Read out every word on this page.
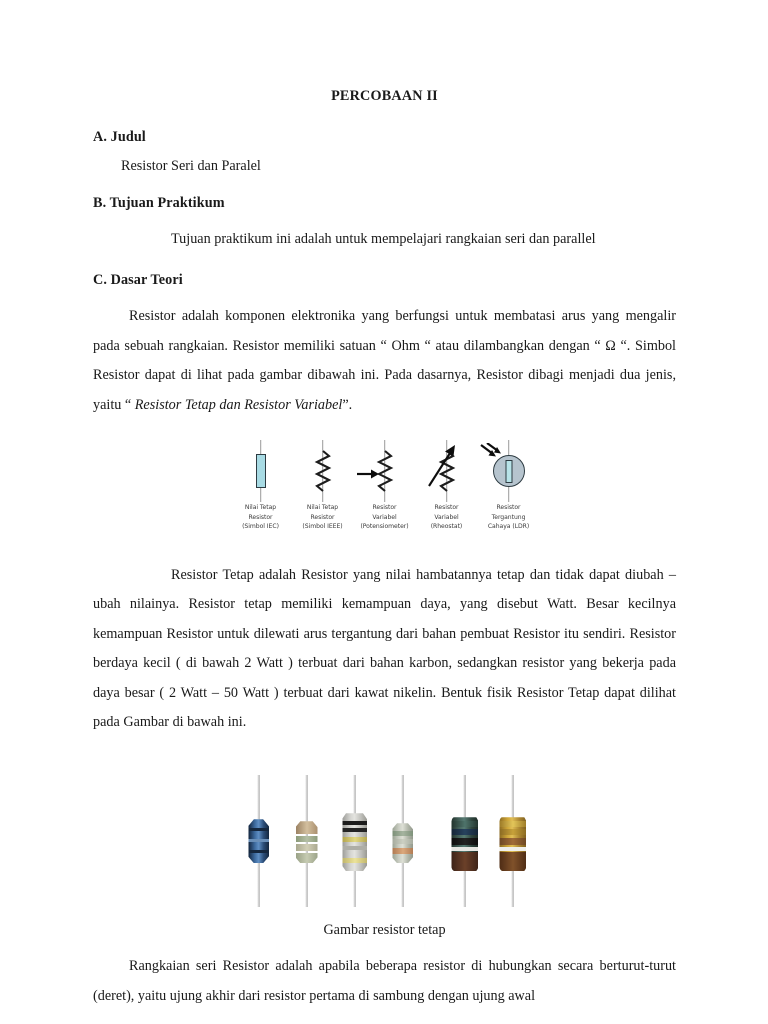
PERCOBAAN II
A. Judul
Resistor Seri dan Paralel
B. Tujuan Praktikum
Tujuan praktikum ini adalah untuk mempelajari rangkaian seri dan parallel
C. Dasar Teori

Resistor adalah komponen elektronika yang berfungsi untuk membatasi arus yang mengalir pada sebuah rangkaian. Resistor memiliki satuan “ Ohm “ atau dilambangkan dengan “ Ω “. Simbol Resistor dapat di lihat pada gambar dibawah ini. Pada dasarnya, Resistor dibagi menjadi dua jenis, yaitu “ Resistor Tetap dan Resistor Variabel”.

Nilai Tetap
Resistor
(Simbol IEC)
Nilai Tetap
Resistor
(Simbol IEEE)
Resistor
Variabel
(Potensiometer)
Resistor
Variabel
(Rheostat)
Resistor
Tergantung
Cahaya (LDR)

Resistor Tetap adalah Resistor yang nilai hambatannya tetap dan tidak dapat diubah – ubah nilainya. Resistor tetap memiliki kemampuan daya, yang disebut Watt. Besar kecilnya kemampuan Resistor untuk dilewati arus tergantung dari bahan pembuat Resistor itu sendiri. Resistor berdaya kecil ( di bawah 2 Watt ) terbuat dari bahan karbon, sedangkan resistor yang bekerja pada daya besar ( 2 Watt – 50 Watt ) terbuat dari kawat nikelin. Bentuk fisik Resistor Tetap dapat dilihat pada Gambar di bawah ini.

Gambar resistor tetap

Rangkaian seri Resistor adalah apabila beberapa resistor di hubungkan secara berturut-turut (deret), yaitu ujung akhir dari resistor pertama di sambung dengan ujung awal
